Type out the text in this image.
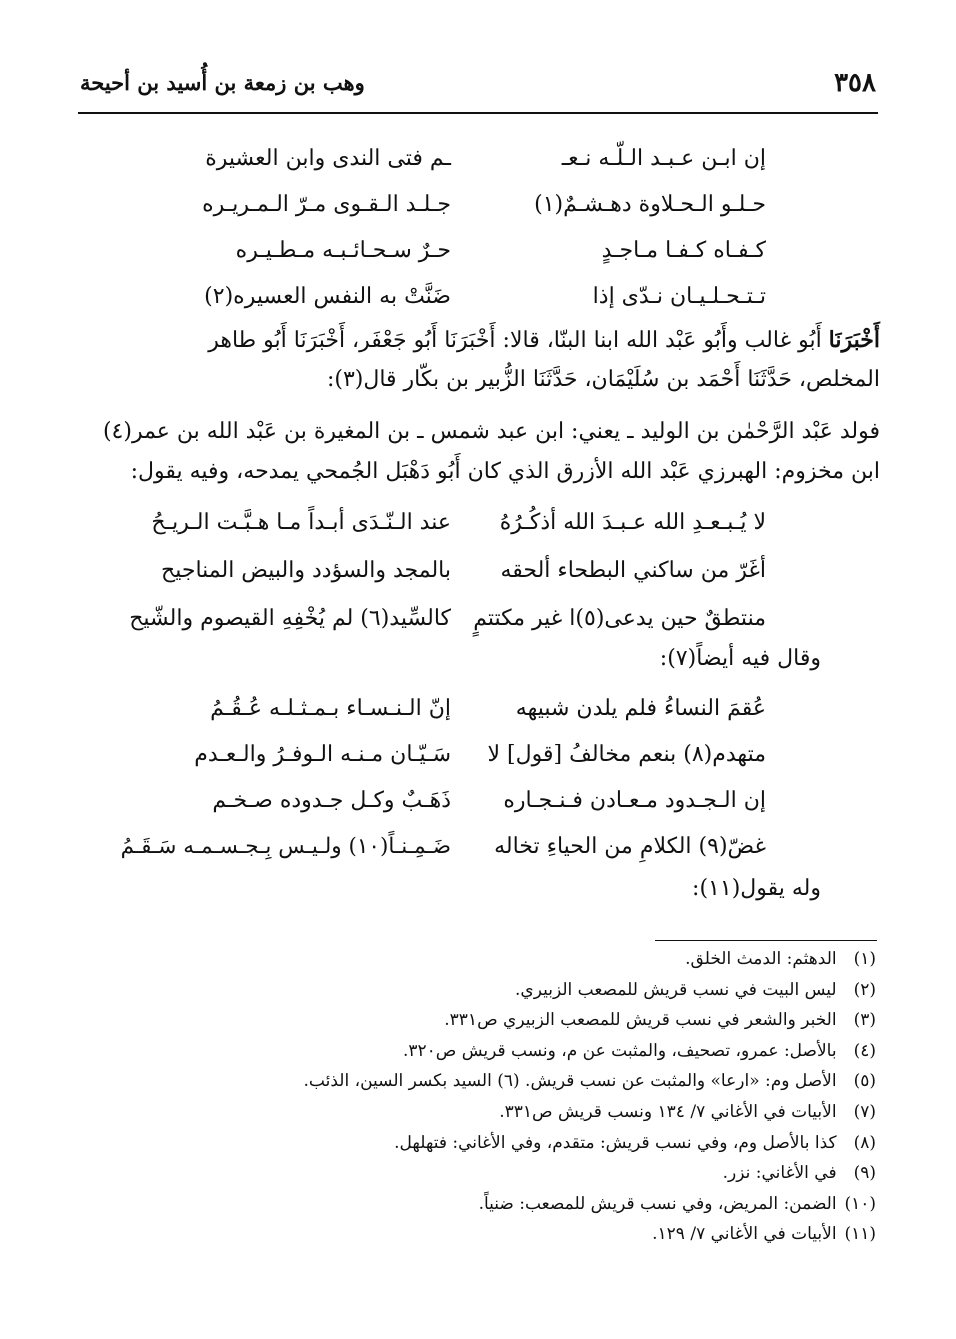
٣٥٨
وهب بن زمعة بن أُسيد بن أحيحة
إن ابـن عـبـد الـلّـه نـعـ
ـم فتى الندى وابن العشيرة
حـلـو الـحـلاوة دهـشـمٌ(١)
جـلـد الـقـوى مـرّ الـمـريـره
كـفـاه كـفـا مـاجـدٍ
حـرٌ سـحـائـبـه مـطـيـره
تـتـحـلـيـان نـدّى إذا
ضَنَّتْ به النفس العسيره(٢)
أَخْبَرَنَا أَبُو غالب وأَبُو عَبْد الله ابنا البنّا، قالا: أَخْبَرَنَا أَبُو جَعْفَر، أَخْبَرَنَا أَبُو طاهر
المخلص، حَدَّثَنَا أَحْمَد بن سُلَيْمَان، حَدَّثَنَا الزُّبير بن بكّار قال(٣):
فولد عَبْد الرَّحْمٰن بن الوليد ـ يعني: ابن عبد شمس ـ بن المغيرة بن عَبْد الله بن عمر(٤)
ابن مخزوم: الهبرزي عَبْد الله الأزرق الذي كان أَبُو دَهْبَل الجُمحي يمدحه، وفيه يقول:
لا يُـبـعـدِ الله عـبـدَ الله أذكُـرُهُ
عند الـنّـدَى أبـداً مـا هـبَّـت الـريـحُ
أغَرّ من ساكني البطحاء ألحقه
بالمجد والسؤدد والبيض المناجيح
منتطقٌ حين يدعى(٥)ا غير مكتتمٍ
كالسِّيد(٦) لم يُخْفِهِ القيصوم والشّيح
وقال فيه أيضاً(٧):
عُقمَ النساءُ فلم يلدن شبيهه
إنّ الـنـسـاء بـمـثـلـه عُـقُـمُ
متهدم(٨) بنعم مخالفُ [قول] لا
سَـيّـان مـنـه الـوفـرُ والـعـدم
إن الـجـدود مـعـادن فـنـجـاره
ذَهَـبٌ وكـل جـدوده صـخـم
غضّ(٩) الكلامِ من الحياءِ تخاله
ضَـمِـنـاً(١٠) ولـيـس بِـجـسـمـه سَـقَـمُ
وله يقول(١١):
(١) الدهثم: الدمث الخلق.
(٢) ليس البيت في نسب قريش للمصعب الزبيري.
(٣) الخبر والشعر في نسب قريش للمصعب الزبيري ص٣٣١.
(٤) بالأصل: عمرو، تصحيف، والمثبت عن م، ونسب قريش ص٣٢٠.
(٥) الأصل وم: «ارعا» والمثبت عن نسب قريش. (٦) السيد بكسر السين، الذئب.
(٧) الأبيات في الأغاني ٧/ ١٣٤ ونسب قريش ص٣٣١.
(٨) كذا بالأصل وم، وفي نسب قريش: متقدم، وفي الأغاني: فتهلهل.
(٩) في الأغاني: نزر.
(١٠) الضمن: المريض، وفي نسب قريش للمصعب: ضنياً.
(١١) الأبيات في الأغاني ٧/ ١٢٩.
